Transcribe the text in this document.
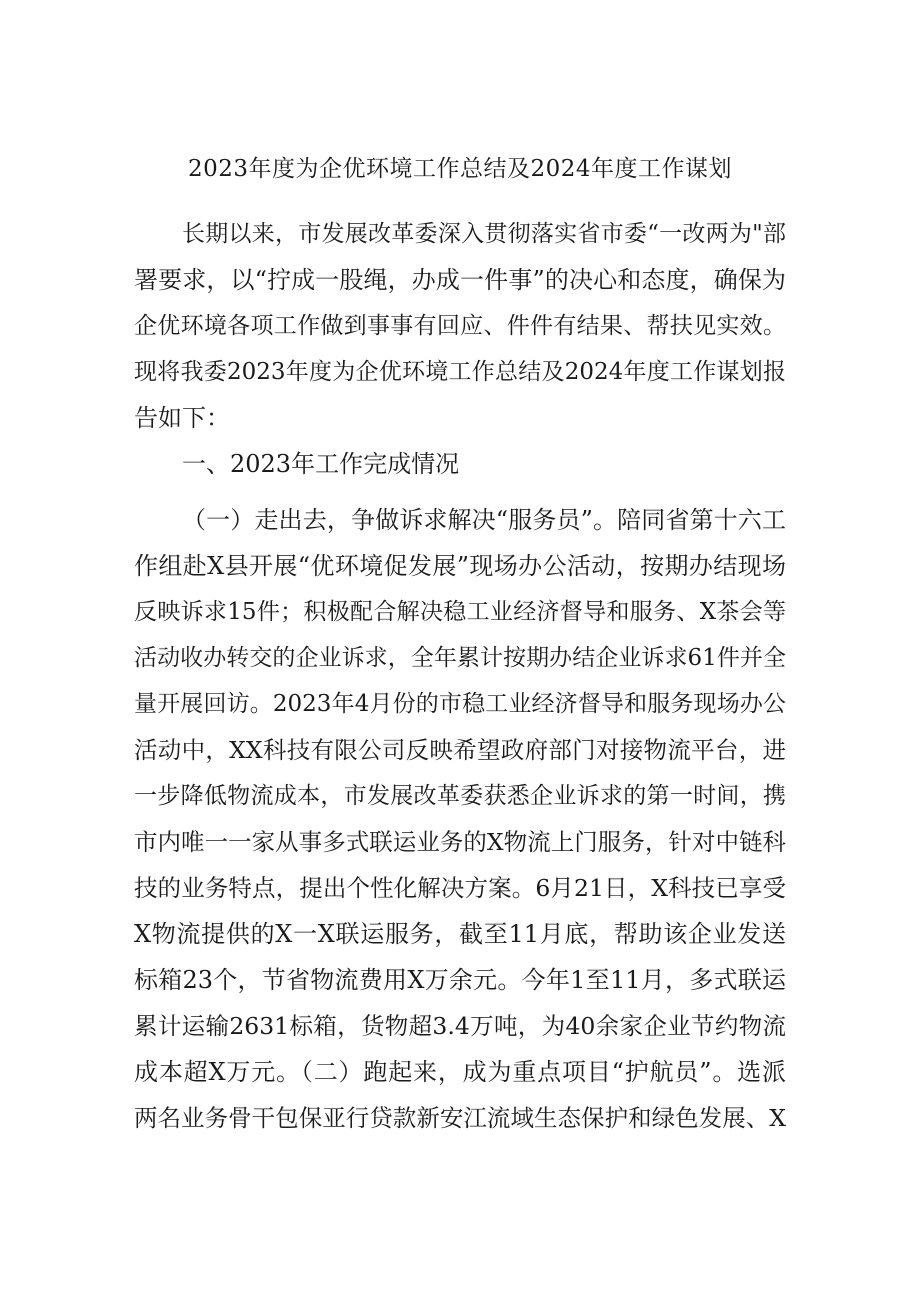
2023年度为企优环境工作总结及2024年度工作谋划
长期以来，市发展改革委深入贯彻落实省市委“一改两为"部
署要求，以“拧成一股绳，办成一件事”的决心和态度，确保为
企优环境各项工作做到事事有回应、件件有结果、帮扶见实效。
现将我委2023年度为企优环境工作总结及2024年度工作谋划报
告如下：
一、2023年工作完成情况
（一）走出去，争做诉求解决“服务员”。陪同省第十六工
作组赴X县开展“优环境促发展”现场办公活动，按期办结现场
反映诉求15件；积极配合解决稳工业经济督导和服务、X茶会等
活动收办转交的企业诉求，全年累计按期办结企业诉求61件并全
量开展回访。2023年4月份的市稳工业经济督导和服务现场办公
活动中，XX科技有限公司反映希望政府部门对接物流平台，进
一步降低物流成本，市发展改革委获悉企业诉求的第一时间，携
市内唯一一家从事多式联运业务的X物流上门服务，针对中链科
技的业务特点，提出个性化解决方案。6月21日，X科技已享受
X物流提供的X一X联运服务，截至11月底，帮助该企业发送
标箱23个，节省物流费用X万余元。今年1至11月，多式联运
累计运输2631标箱，货物超3.4万吨，为40余家企业节约物流
成本超X万元。（二）跑起来，成为重点项目“护航员”。选派
两名业务骨干包保亚行贷款新安江流域生态保护和绿色发展、X
